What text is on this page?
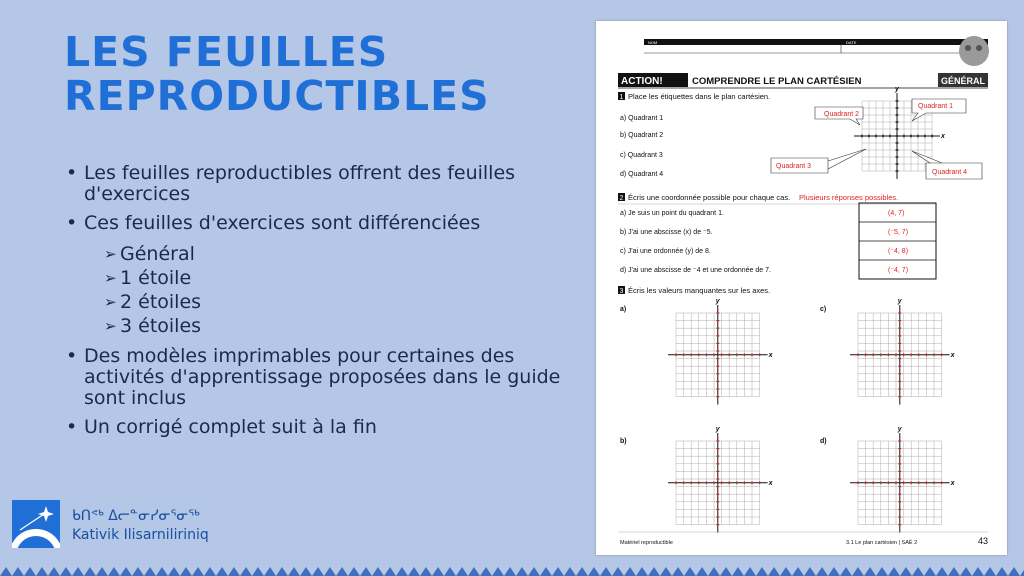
LES FEUILLES
REPRODUCTIBLES
• Les feuilles reproductibles offrent des feuilles d'exercices
• Ces feuilles d'exercices sont différenciées
➢ Général
➢ 1 étoile
➢ 2 étoiles
➢ 3 étoiles
• Des modèles imprimables pour certaines des activités d'apprentissage proposées dans le guide sont inclus
• Un corrigé complet suit à la fin
ᑲᑎᕝᒃ ᐃᓕᓐᓂᓯᓂᕐᓂᖅ
Kativik Ilisarniliriniq
NOM	DATE
ACTION!	COMPRENDRE LE PLAN CARTÉSIEN	GÉNÉRAL
1 Place les étiquettes dans le plan cartésien.
a) Quadrant 1
b) Quadrant 2
c) Quadrant 3
d) Quadrant 4
x
y
Quadrant 2
Quadrant 1
Quadrant 3
Quadrant 4
2 Écris une coordonnée possible pour chaque cas. Plusieurs réponses possibles.
a) Je suis un point du quadrant 1.	(4, 7)
b) J'ai une abscisse (x) de ⁻5.	(⁻5, 7)
c) J'ai une ordonnée (y) de 8.	(⁻4, 8)
d) J'ai une abscisse de ⁻4 et une ordonnée de 7.	(⁻4, 7)
3 Écris les valeurs manquantes sur les axes.
a)
b)
c)
d)
x
y
x
y
x
y
x
y
Matériel reproductible	3.1 Le plan cartésien | SAÉ 2	43
